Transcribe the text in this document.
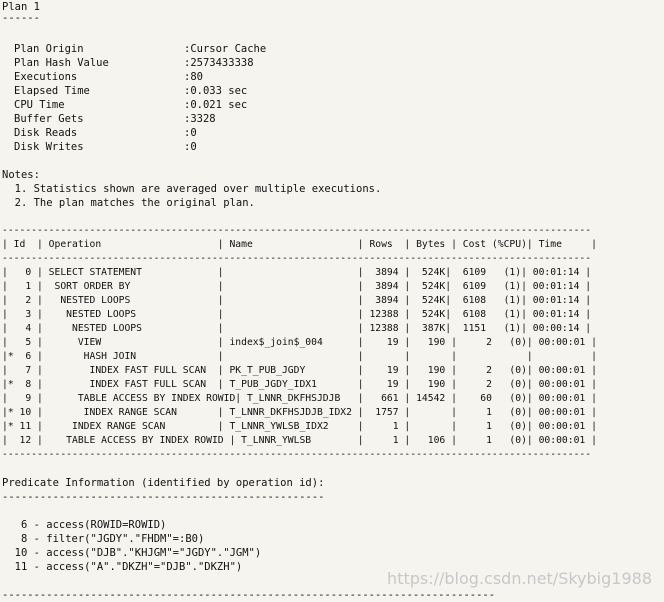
Plan 1
------
Plan Origin	:Cursor Cache
Plan Hash Value	:2573433338
Executions	:80
Elapsed Time	:0.033 sec
CPU Time	:0.021 sec
Buffer Gets	:3328
Disk Reads	:0
Disk Writes	:0
Notes:
1. Statistics shown are averaged over multiple executions.
2. The plan matches the original plan.
-----------------------------------------------------------------------------------------------------
| Id  | Operation                    | Name                  | Rows  | Bytes | Cost (%CPU)| Time     |
-----------------------------------------------------------------------------------------------------
|   0 | SELECT STATEMENT             |                       |  3894 |  524K|  6109   (1)| 00:01:14 |
|   1 |  SORT ORDER BY               |                       |  3894 |  524K|  6109   (1)| 00:01:14 |
|   2 |   NESTED LOOPS               |                       |  3894 |  524K|  6108   (1)| 00:01:14 |
|   3 |    NESTED LOOPS              |                       | 12388 |  524K|  6108   (1)| 00:01:14 |
|   4 |     NESTED LOOPS             |                       | 12388 |  387K|  1151   (1)| 00:00:14 |
|   5 |      VIEW                    | index$_join$_004      |    19 |   190 |     2   (0)| 00:00:01 |
|*  6 |       HASH JOIN              |                       |       |       |            |          |
|   7 |        INDEX FAST FULL SCAN  | PK_T_PUB_JGDY         |    19 |   190 |     2   (0)| 00:00:01 |
|*  8 |        INDEX FAST FULL SCAN  | T_PUB_JGDY_IDX1       |    19 |   190 |     2   (0)| 00:00:01 |
|   9 |      TABLE ACCESS BY INDEX ROWID| T_LNNR_DKFHSJDJB   |   661 | 14542 |    60   (0)| 00:00:01 |
|* 10 |       INDEX RANGE SCAN       | T_LNNR_DKFHSJDJB_IDX2 |  1757 |       |     1   (0)| 00:00:01 |
|* 11 |     INDEX RANGE SCAN         | T_LNNR_YWLSB_IDX2     |     1 |       |     1   (0)| 00:00:01 |
|  12 |    TABLE ACCESS BY INDEX ROWID | T_LNNR_YWLSB        |     1 |   106 |     1   (0)| 00:00:01 |
-----------------------------------------------------------------------------------------------------
Predicate Information (identified by operation id):
---------------------------------------------------
6 - access(ROWID=ROWID)
8 - filter("JGDY"."FHDM"=:B0)
10 - access("DJB"."KHJGM"="JGDY"."JGM")
11 - access("A"."DKZH"="DJB"."DKZH")
------------------------------------------------------------------------------
https://blog.csdn.net/Skybig1988
